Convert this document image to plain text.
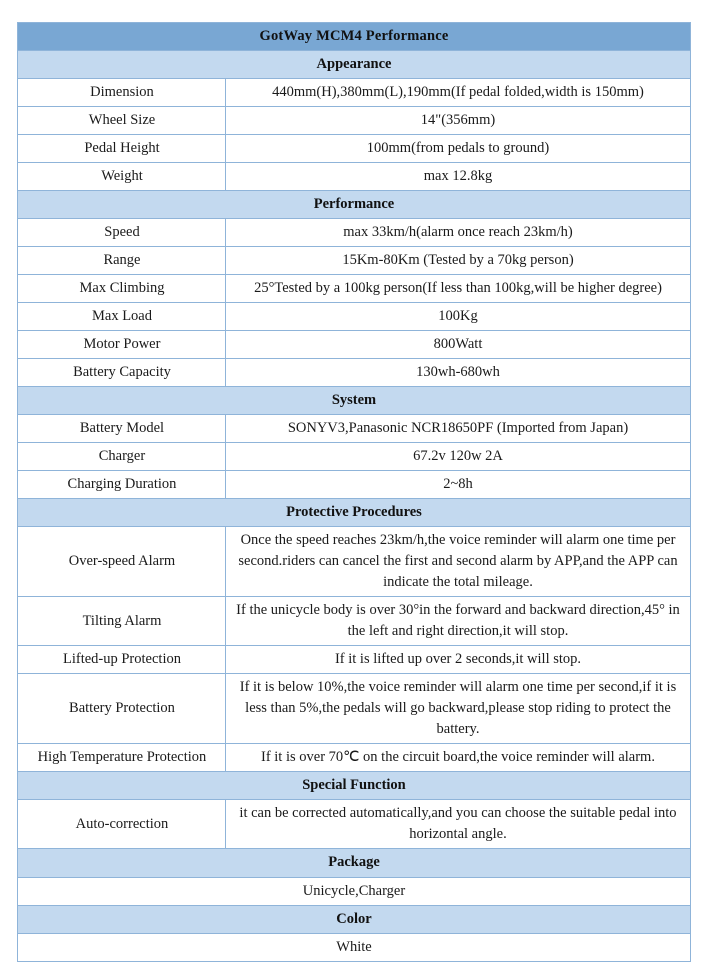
GotWay MCM4 Performance	
Appearance	
Dimension	440mm(H),380mm(L),190mm(If pedal folded,width is 150mm)
Wheel Size	14"(356mm)
Pedal Height	100mm(from pedals to ground)
Weight	max 12.8kg
Performance	
Speed	max 33km/h(alarm once reach 23km/h)
Range	15Km-80Km (Tested by a 70kg person)
Max Climbing	25°Tested by a 100kg person(If less than 100kg,will be higher degree)
Max Load	100Kg
Motor Power	800Watt
Battery Capacity	130wh-680wh
System	
Battery Model	SONYV3,Panasonic NCR18650PF (Imported from Japan)
Charger	67.2v 120w 2A
Charging Duration	2~8h
Protective Procedures	
Over-speed Alarm	Once the speed reaches 23km/h,the voice reminder will alarm one time per second.riders can cancel the first and second alarm by APP,and the APP can indicate the total mileage.
Tilting Alarm	If the unicycle body is over 30°in the forward and backward direction,45° in the left and right direction,it will stop.
Lifted-up Protection	If it is lifted up over 2 seconds,it will stop.
Battery Protection	If it is below 10%,the voice reminder will alarm one time per second,if it is less than 5%,the pedals will go backward,please stop riding to protect the battery.
High Temperature Protection	If it is over 70℃ on the circuit board,the voice reminder will alarm.
Special Function	
Auto-correction	it can be corrected automatically,and you can choose the suitable pedal into horizontal angle.
Package	
Unicycle,Charger	
Color	
White	
